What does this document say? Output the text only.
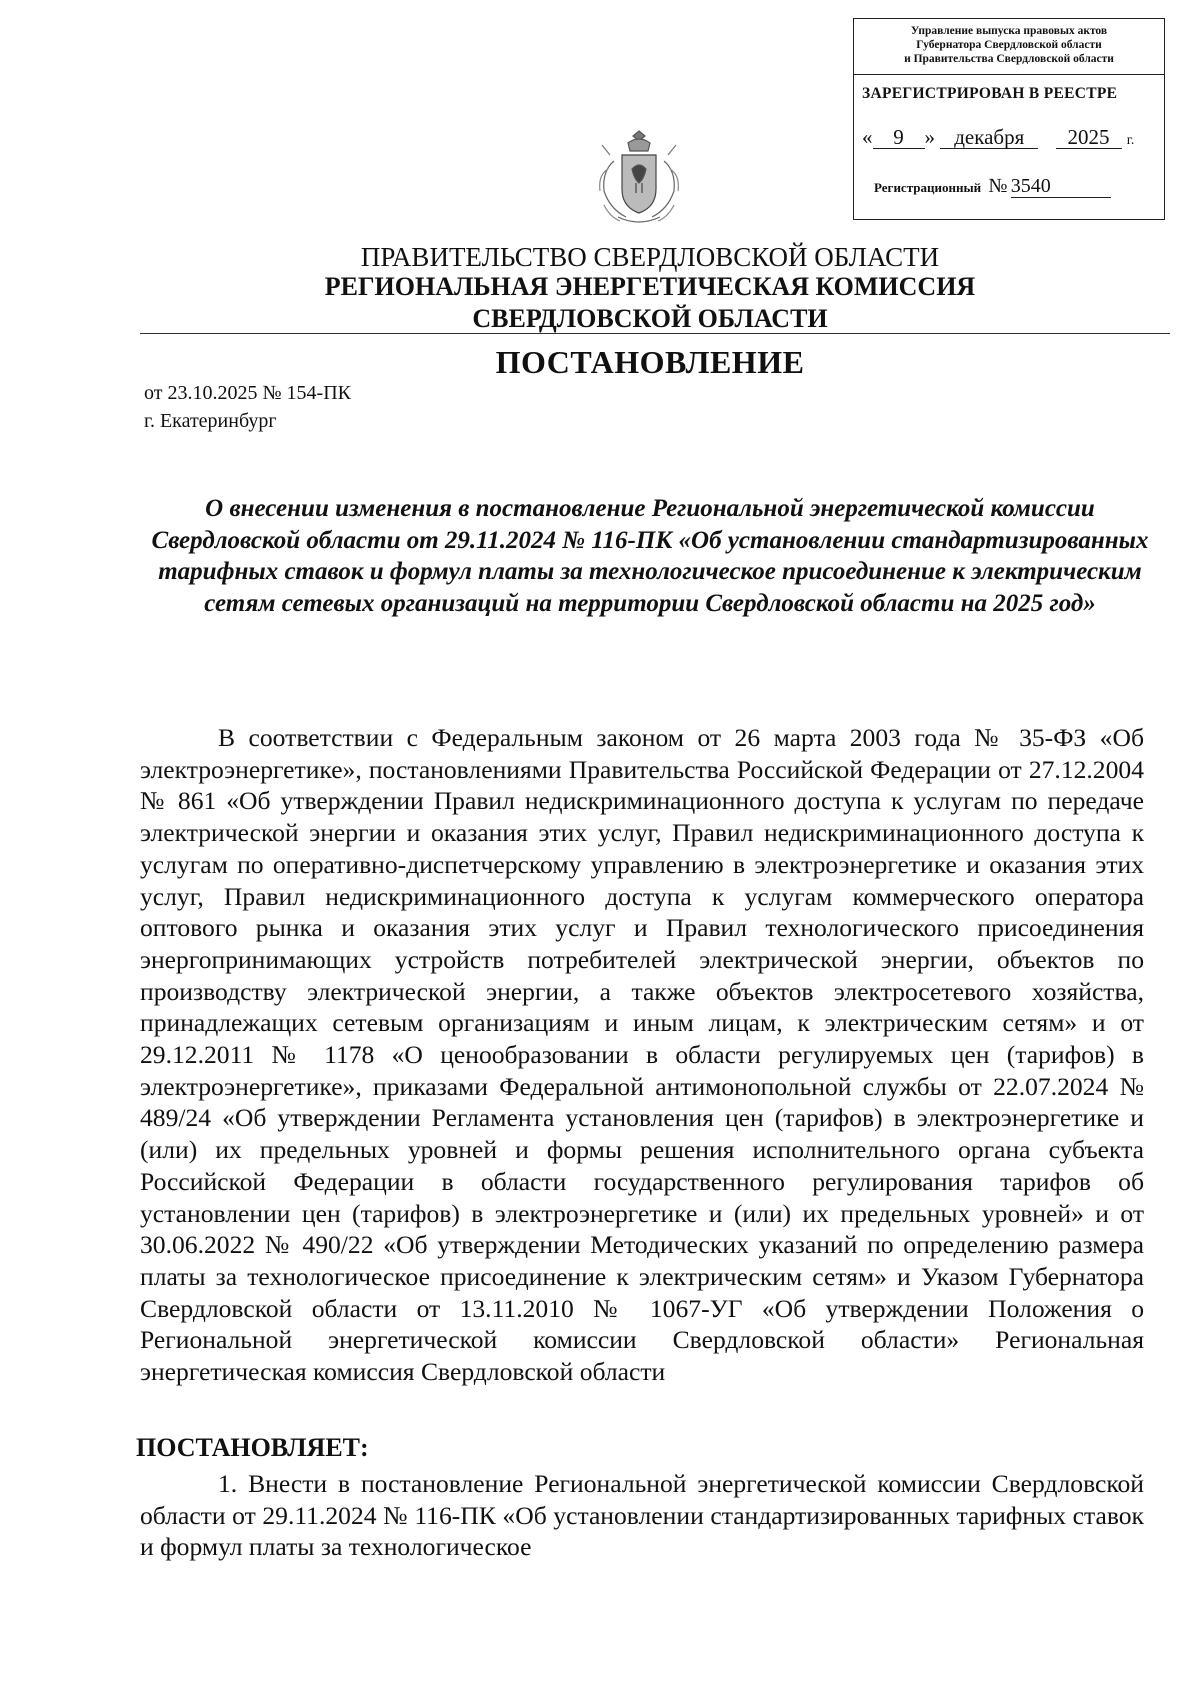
Управление выпуска правовых актов
Губернатора Свердловской области
и Правительства Свердловской области
ЗАРЕГИСТРИРОВАН В РЕЕСТРЕ
« 9 » декабря 2025 г.
Регистрационный № 3540
ПРАВИТЕЛЬСТВО СВЕРДЛОВСКОЙ ОБЛАСТИ
РЕГИОНАЛЬНАЯ ЭНЕРГЕТИЧЕСКАЯ КОМИССИЯ
СВЕРДЛОВСКОЙ ОБЛАСТИ
ПОСТАНОВЛЕНИЕ
от 23.10.2025 № 154-ПК
г. Екатеринбург
О внесении изменения в постановление Региональной энергетической комиссии Свердловской области от 29.11.2024 № 116-ПК «Об установлении стандартизированных тарифных ставок и формул платы за технологическое присоединение к электрическим сетям сетевых организаций на территории Свердловской области на 2025 год»
В соответствии с Федеральным законом от 26 марта 2003 года № 35-ФЗ «Об электроэнергетике», постановлениями Правительства Российской Федерации от 27.12.2004 № 861 «Об утверждении Правил недискриминационного доступа к услугам по передаче электрической энергии и оказания этих услуг, Правил недискриминационного доступа к услугам по оперативно-диспетчерскому управлению в электроэнергетике и оказания этих услуг, Правил недискриминационного доступа к услугам коммерческого оператора оптового рынка и оказания этих услуг и Правил технологического присоединения энергопринимающих устройств потребителей электрической энергии, объектов по производству электрической энергии, а также объектов электросетевого хозяйства, принадлежащих сетевым организациям и иным лицам, к электрическим сетям» и от 29.12.2011 № 1178 «О ценообразовании в области регулируемых цен (тарифов) в электроэнергетике», приказами Федеральной антимонопольной службы от 22.07.2024 № 489/24 «Об утверждении Регламента установления цен (тарифов) в электроэнергетике и (или) их предельных уровней и формы решения исполнительного органа субъекта Российской Федерации в области государственного регулирования тарифов об установлении цен (тарифов) в электроэнергетике и (или) их предельных уровней» и от 30.06.2022 № 490/22 «Об утверждении Методических указаний по определению размера платы за технологическое присоединение к электрическим сетям» и Указом Губернатора Свердловской области от 13.11.2010 № 1067-УГ «Об утверждении Положения о Региональной энергетической комиссии Свердловской области» Региональная энергетическая комиссия Свердловской области
ПОСТАНОВЛЯЕТ:
1. Внести в постановление Региональной энергетической комиссии Свердловской области от 29.11.2024 № 116-ПК «Об установлении стандартизированных тарифных ставок и формул платы за технологическое
